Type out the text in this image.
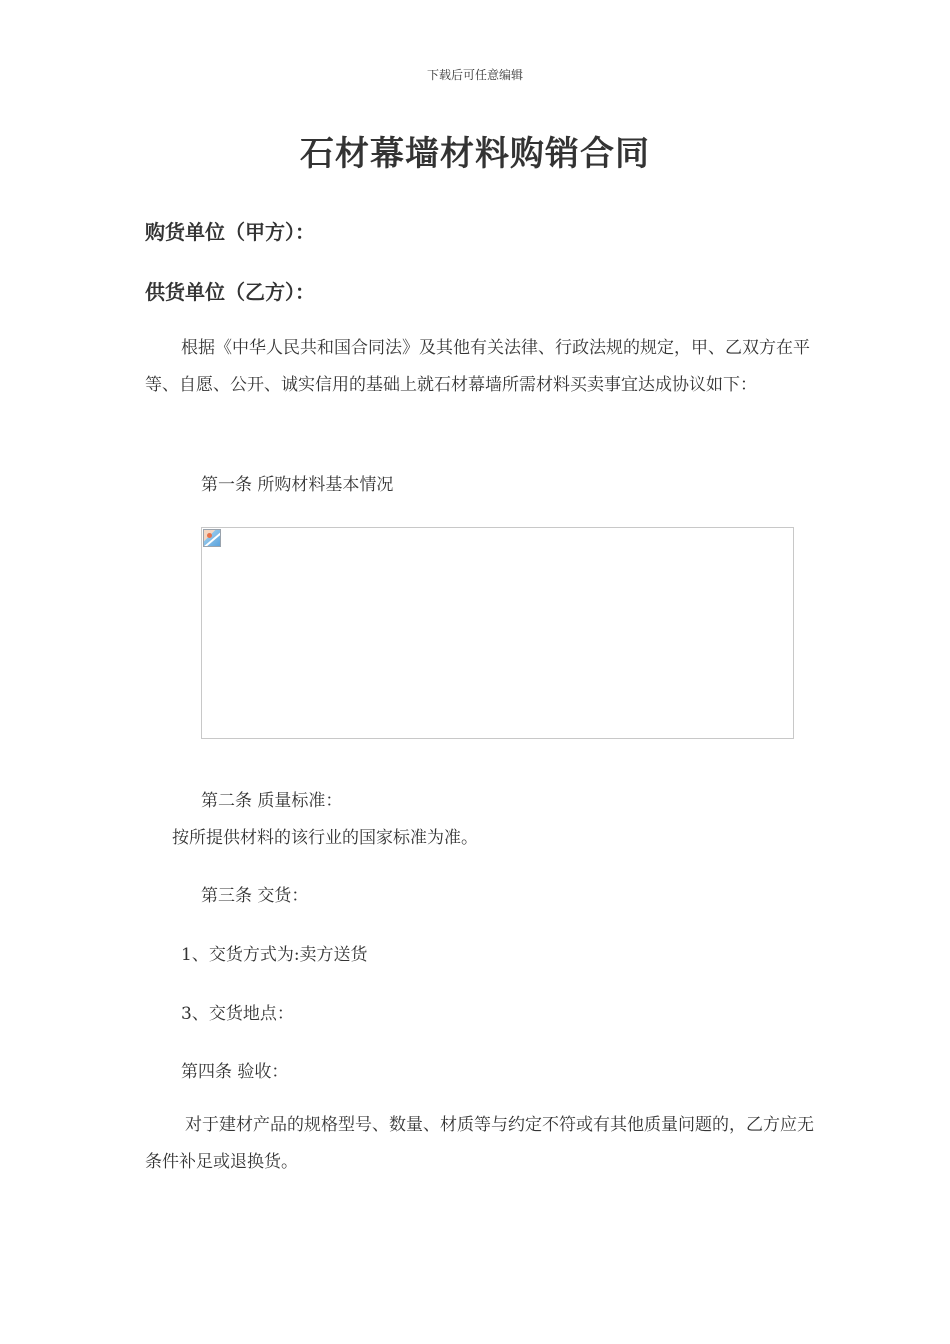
下载后可任意编辑
石材幕墙材料购销合同
购货单位（甲方）：
供货单位（乙方）：
根据《中华人民共和国合同法》及其他有关法律、行政法规的规定，甲、乙双方在平等、自愿、公开、诚实信用的基础上就石材幕墙所需材料买卖事宜达成协议如下：
第一条 所购材料基本情况
第二条 质量标准：
按所提供材料的该行业的国家标准为准。
第三条 交货：
1、交货方式为:卖方送货
3、交货地点：
第四条 验收：
对于建材产品的规格型号、数量、材质等与约定不符或有其他质量问题的，乙方应无条件补足或退换货。
